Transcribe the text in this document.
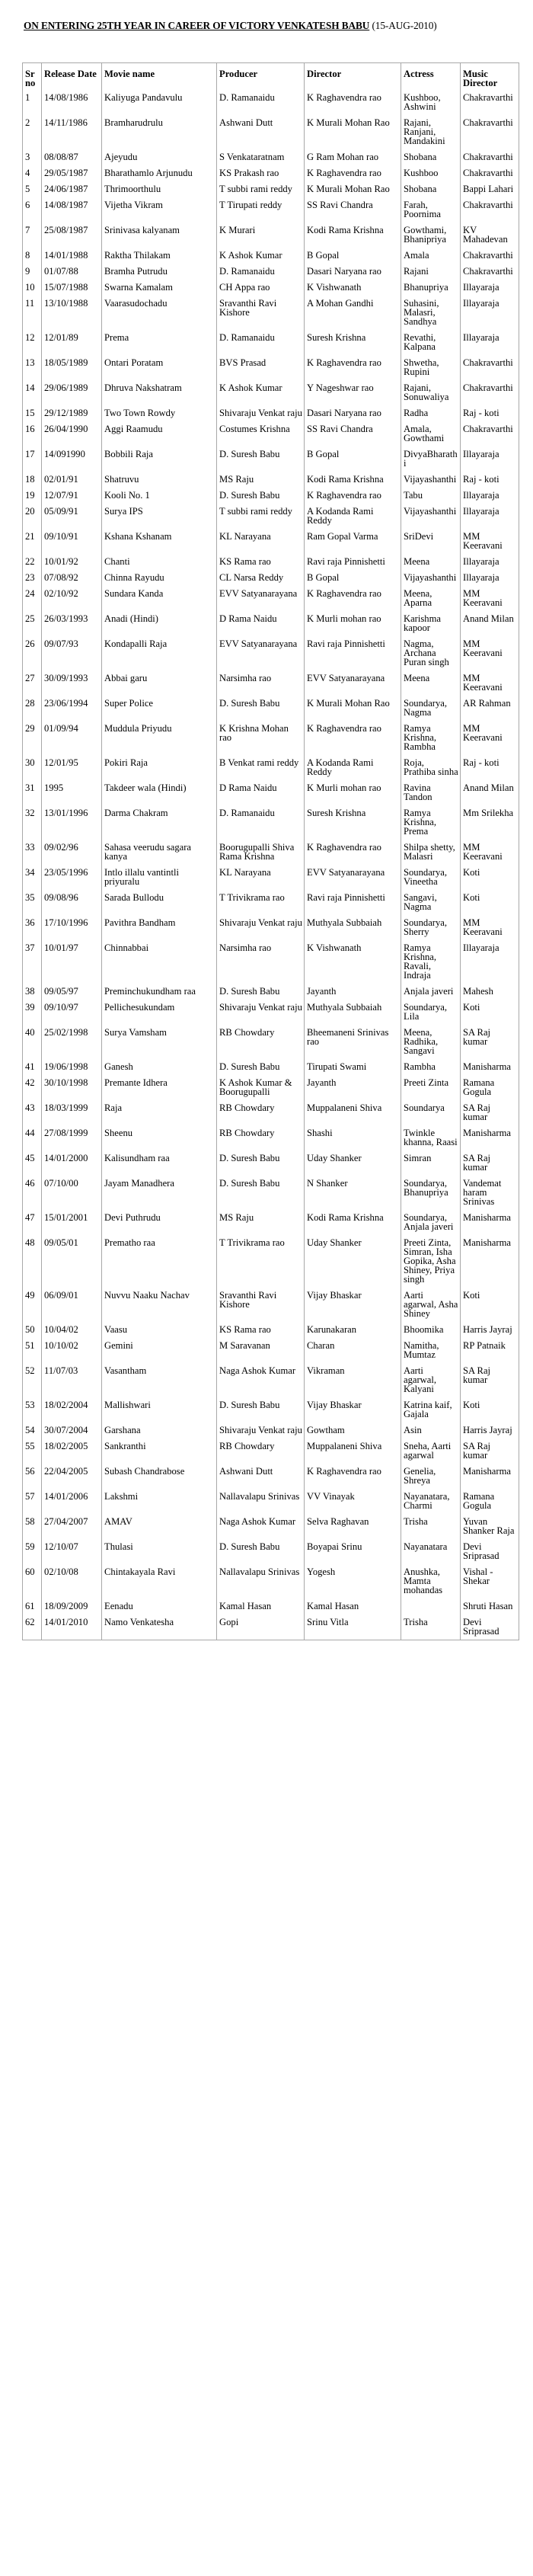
ON ENTERING 25TH YEAR IN CAREER OF VICTORY VENKATESH BABU (15-AUG-2010)
Sr no	Release Date	Movie name	Producer	Director	Actress	Music Director
1	14/08/1986	Kaliyuga Pandavulu	D. Ramanaidu	K Raghavendra rao	Kushboo, Ashwini	Chakravarthi
2	14/11/1986	Bramharudrulu	Ashwani Dutt	K Murali Mohan Rao	Rajani, Ranjani, Mandakini	Chakravarthi
3	08/08/87	Ajeyudu	S Venkataratnam	G Ram Mohan rao	Shobana	Chakravarthi
4	29/05/1987	Bharathamlo Arjunudu	KS Prakash rao	K Raghavendra rao	Kushboo	Chakravarthi
5	24/06/1987	Thrimoorthulu	T subbi rami reddy	K Murali Mohan Rao	Shobana	Bappi Lahari
6	14/08/1987	Vijetha Vikram	T Tirupati reddy	SS Ravi Chandra	Farah, Poornima	Chakravarthi
7	25/08/1987	Srinivasa kalyanam	K Murari	Kodi Rama Krishna	Gowthami, Bhanipriya	KV Mahadevan
8	14/01/1988	Raktha Thilakam	K Ashok Kumar	B Gopal	Amala	Chakravarthi
9	01/07/88	Bramha Putrudu	D. Ramanaidu	Dasari Naryana rao	Rajani	Chakravarthi
10	15/07/1988	Swarna Kamalam	CH Appa rao	K Vishwanath	Bhanupriya	Illayaraja
11	13/10/1988	Vaarasudochadu	Sravanthi Ravi Kishore	A Mohan Gandhi	Suhasini, Malasri, Sandhya	Illayaraja
12	12/01/89	Prema	D. Ramanaidu	Suresh Krishna	Revathi, Kalpana	Illayaraja
13	18/05/1989	Ontari Poratam	BVS Prasad	K Raghavendra rao	Shwetha, Rupini	Chakravarthi
14	29/06/1989	Dhruva Nakshatram	K Ashok Kumar	Y Nageshwar rao	Rajani, Sonuwaliya	Chakravarthi
15	29/12/1989	Two Town Rowdy	Shivaraju Venkat raju	Dasari Naryana rao	Radha	Raj - koti
16	26/04/1990	Aggi Raamudu	Costumes Krishna	SS Ravi Chandra	Amala, Gowthami	Chakravarthi
17	14/091990	Bobbili Raja	D. Suresh Babu	B Gopal	DivyaBharathi	Illayaraja
18	02/01/91	Shatruvu	MS Raju	Kodi Rama Krishna	Vijayashanthi	Raj - koti
19	12/07/91	Kooli No. 1	D. Suresh Babu	K Raghavendra rao	Tabu	Illayaraja
20	05/09/91	Surya IPS	T subbi rami reddy	A Kodanda Rami Reddy	Vijayashanthi	Illayaraja
21	09/10/91	Kshana Kshanam	KL Narayana	Ram Gopal Varma	SriDevi	MM Keeravani
22	10/01/92	Chanti	KS Rama rao	Ravi raja Pinnishetti	Meena	Illayaraja
23	07/08/92	Chinna Rayudu	CL Narsa Reddy	B Gopal	Vijayashanthi	Illayaraja
24	02/10/92	Sundara Kanda	EVV Satyanarayana	K Raghavendra rao	Meena, Aparna	MM Keeravani
25	26/03/1993	Anadi (Hindi)	D Rama Naidu	K Murli mohan rao	Karishma kapoor	Anand Milan
26	09/07/93	Kondapalli Raja	EVV Satyanarayana	Ravi raja Pinnishetti	Nagma, Archana Puran singh	MM Keeravani
27	30/09/1993	Abbai garu	Narsimha rao	EVV Satyanarayana	Meena	MM Keeravani
28	23/06/1994	Super Police	D. Suresh Babu	K Murali Mohan Rao	Soundarya, Nagma	AR Rahman
29	01/09/94	Muddula Priyudu	K Krishna Mohan rao	K Raghavendra rao	Ramya Krishna, Rambha	MM Keeravani
30	12/01/95	Pokiri Raja	B Venkat rami reddy	A Kodanda Rami Reddy	Roja, Prathiba sinha	Raj - koti
31	1995	Takdeer wala (Hindi)	D Rama Naidu	K Murli mohan rao	Ravina Tandon	Anand Milan
32	13/01/1996	Darma Chakram	D. Ramanaidu	Suresh Krishna	Ramya Krishna, Prema	Mm Srilekha
33	09/02/96	Sahasa veerudu sagara kanya	Boorugupalli Shiva Rama Krishna	K Raghavendra rao	Shilpa shetty, Malasri	MM Keeravani
34	23/05/1996	Intlo illalu vantintli priyuralu	KL Narayana	EVV Satyanarayana	Soundarya, Vineetha	Koti
35	09/08/96	Sarada Bullodu	T Trivikrama rao	Ravi raja Pinnishetti	Sangavi, Nagma	Koti
36	17/10/1996	Pavithra Bandham	Shivaraju Venkat raju	Muthyala Subbaiah	Soundarya, Sherry	MM Keeravani
37	10/01/97	Chinnabbai	Narsimha rao	K Vishwanath	Ramya Krishna, Ravali, Indraja	Illayaraja
38	09/05/97	Preminchukundham raa	D. Suresh Babu	Jayanth	Anjala javeri	Mahesh
39	09/10/97	Pellichesukundam	Shivaraju Venkat raju	Muthyala Subbaiah	Soundarya, Lila	Koti
40	25/02/1998	Surya Vamsham	RB Chowdary	Bheemaneni Srinivas rao	Meena, Radhika, Sangavi	SA Raj kumar
41	19/06/1998	Ganesh	D. Suresh Babu	Tirupati Swami	Rambha	Manisharma
42	30/10/1998	Premante Idhera	K Ashok Kumar & Boorugupalli	Jayanth	Preeti Zinta	Ramana Gogula
43	18/03/1999	Raja	RB Chowdary	Muppalaneni Shiva	Soundarya	SA Raj kumar
44	27/08/1999	Sheenu	RB Chowdary	Shashi	Twinkle khanna, Raasi	Manisharma
45	14/01/2000	Kalisundham raa	D. Suresh Babu	Uday Shanker	Simran	SA Raj kumar
46	07/10/00	Jayam Manadhera	D. Suresh Babu	N Shanker	Soundarya, Bhanupriya	Vandemat haram Srinivas
47	15/01/2001	Devi Puthrudu	MS Raju	Kodi Rama Krishna	Soundarya, Anjala javeri	Manisharma
48	09/05/01	Prematho raa	T Trivikrama rao	Uday Shanker	Preeti Zinta, Simran, Isha Gopika, Asha Shiney, Priya singh	Manisharma
49	06/09/01	Nuvvu Naaku Nachav	Sravanthi Ravi Kishore	Vijay Bhaskar	Aarti agarwal, Asha Shiney	Koti
50	10/04/02	Vaasu	KS Rama rao	Karunakaran	Bhoomika	Harris Jayraj
51	10/10/02	Gemini	M Saravanan	Charan	Namitha, Mumtaz	RP Patnaik
52	11/07/03	Vasantham	Naga Ashok Kumar	Vikraman	Aarti agarwal, Kalyani	SA Raj kumar
53	18/02/2004	Mallishwari	D. Suresh Babu	Vijay Bhaskar	Katrina kaif, Gajala	Koti
54	30/07/2004	Garshana	Shivaraju Venkat raju	Gowtham	Asin	Harris Jayraj
55	18/02/2005	Sankranthi	RB Chowdary	Muppalaneni Shiva	Sneha, Aarti agarwal	SA Raj kumar
56	22/04/2005	Subash Chandrabose	Ashwani Dutt	K Raghavendra rao	Genelia, Shreya	Manisharma
57	14/01/2006	Lakshmi	Nallavalapu Srinivas	VV Vinayak	Nayanatara, Charmi	Ramana Gogula
58	27/04/2007	AMAV	Naga Ashok Kumar	Selva Raghavan	Trisha	Yuvan Shanker Raja
59	12/10/07	Thulasi	D. Suresh Babu	Boyapai Srinu	Nayanatara	Devi Sriprasad
60	02/10/08	Chintakayala Ravi	Nallavalapu Srinivas	Yogesh	Anushka, Mamta mohandas	Vishal - Shekar
61	18/09/2009	Eenadu	Kamal Hasan	Kamal Hasan		Shruti Hasan
62	14/01/2010	Namo Venkatesha	Gopi	Srinu Vitla	Trisha	Devi Sriprasad
